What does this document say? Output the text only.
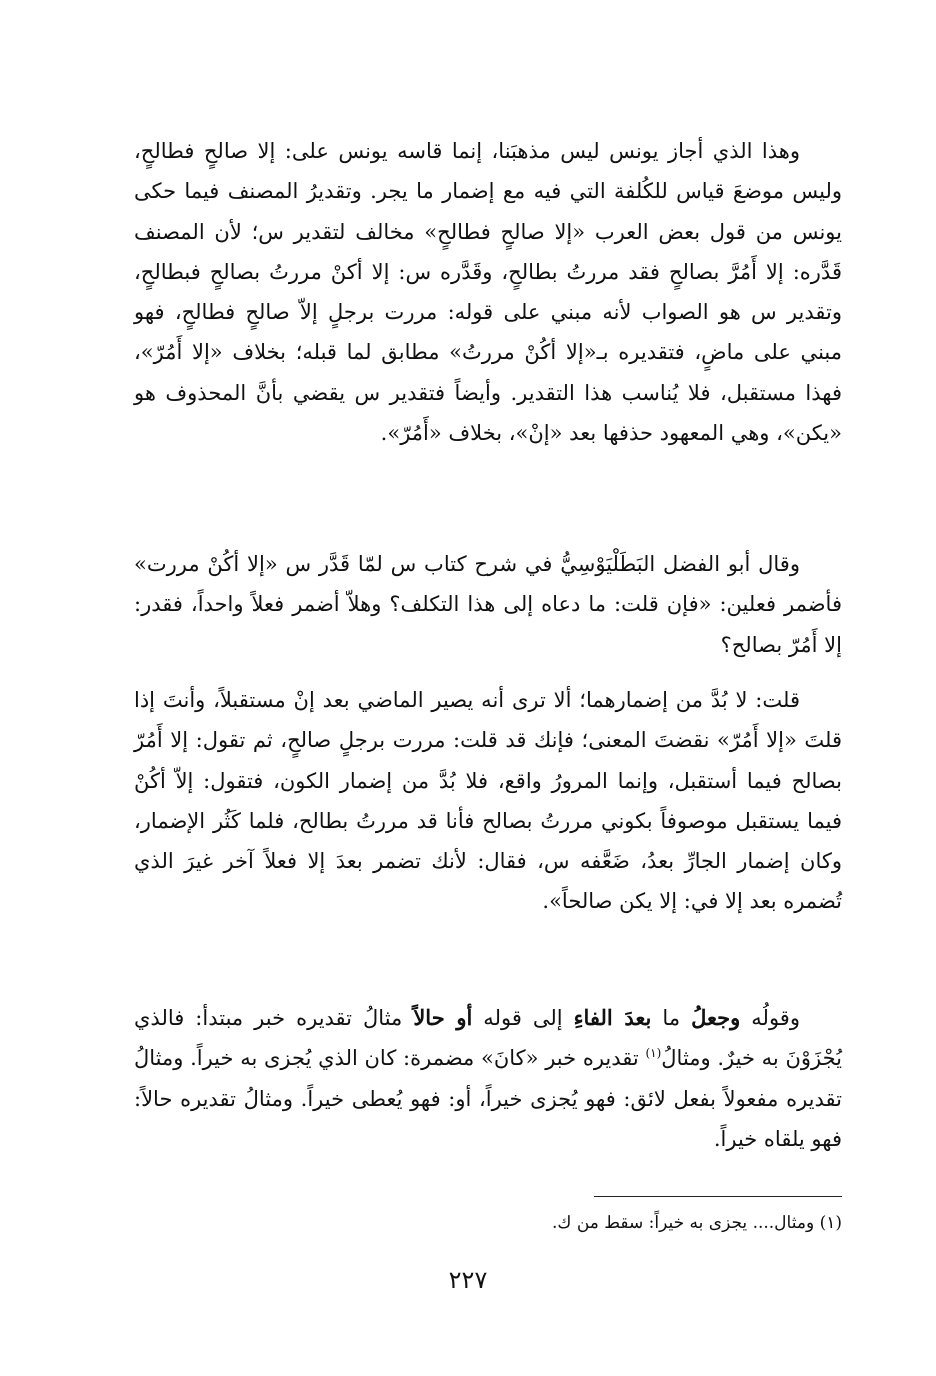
وهذا الذي أجاز يونس ليس مذهبَنا، إنما قاسه يونس على: إلا صالحٍ فطالحٍ، وليس موضعَ قياس للكُلفة التي فيه مع إضمار ما يجر. وتقديرُ المصنف فيما حكى يونس من قول بعض العرب «إلا صالحٍ فطالحٍ» مخالف لتقدير س؛ لأن المصنف قَدَّره: إلا أَمُرَّ بصالحٍ فقد مررتُ بطالحٍ، وقَدَّره س: إلا أكنْ مررتُ بصالحٍ فبطالحٍ، وتقدير س هو الصواب لأنه مبني على قوله: مررت برجلٍ إلاّ صالحٍ فطالحٍ، فهو مبني على ماضٍ، فتقديره بـ«إلا أكُنْ مررتُ» مطابق لما قبله؛ بخلاف «إلا أَمُرّ»، فهذا مستقبل، فلا يُناسب هذا التقدير. وأيضاً فتقدير س يقضي بأنَّ المحذوف هو «يكن»، وهي المعهود حذفها بعد «إنْ»، بخلاف «أَمُرّ».

وقال أبو الفضل البَطَلْيَوْسِيُّ في شرح كتاب س لمّا قَدَّر س «إلا أكُنْ مررت» فأضمر فعلين: «فإن قلت: ما دعاه إلى هذا التكلف؟ وهلاّ أضمر فعلاً واحداً، فقدر: إلا أَمُرّ بصالح؟

قلت: لا بُدَّ من إضمارهما؛ ألا ترى أنه يصير الماضي بعد إنْ مستقبلاً، وأنتَ إذا قلتَ «إلا أَمُرّ» نقضتَ المعنى؛ فإنك قد قلت: مررت برجلٍ صالحٍ، ثم تقول: إلا أَمُرّ بصالح فيما أستقبل، وإنما المرورُ واقع، فلا بُدَّ من إضمار الكون، فتقول: إلاّ أكُنْ فيما يستقبل موصوفاً بكوني مررتُ بصالح فأنا قد مررتُ بطالح، فلما كَثُر الإضمار، وكان إضمار الجارِّ بعدُ، ضَعَّفه س، فقال: لأنك تضمر بعدَ إلا فعلاً آخر غيرَ الذي تُضمره بعد إلا في: إلا يكن صالحاً».

وقولُه وجعلُ ما بعدَ الفاءِ إلى قوله أو حالاً مثالُ تقديره خبر مبتدأ: فالذي يُجْزَوْنَ به خيرٌ. ومثالُ$^{(١)}$ تقديره خبر «كانَ» مضمرة: كان الذي يُجزى به خيراً. ومثالُ تقديره مفعولاً بفعل لائق: فهو يُجزى خيراً، أو: فهو يُعطى خيراً. ومثالُ تقديره حالاً: فهو يلقاه خيراً.

(١) ومثال.... يجزى به خيراً: سقط من ك.
٢٢٧
